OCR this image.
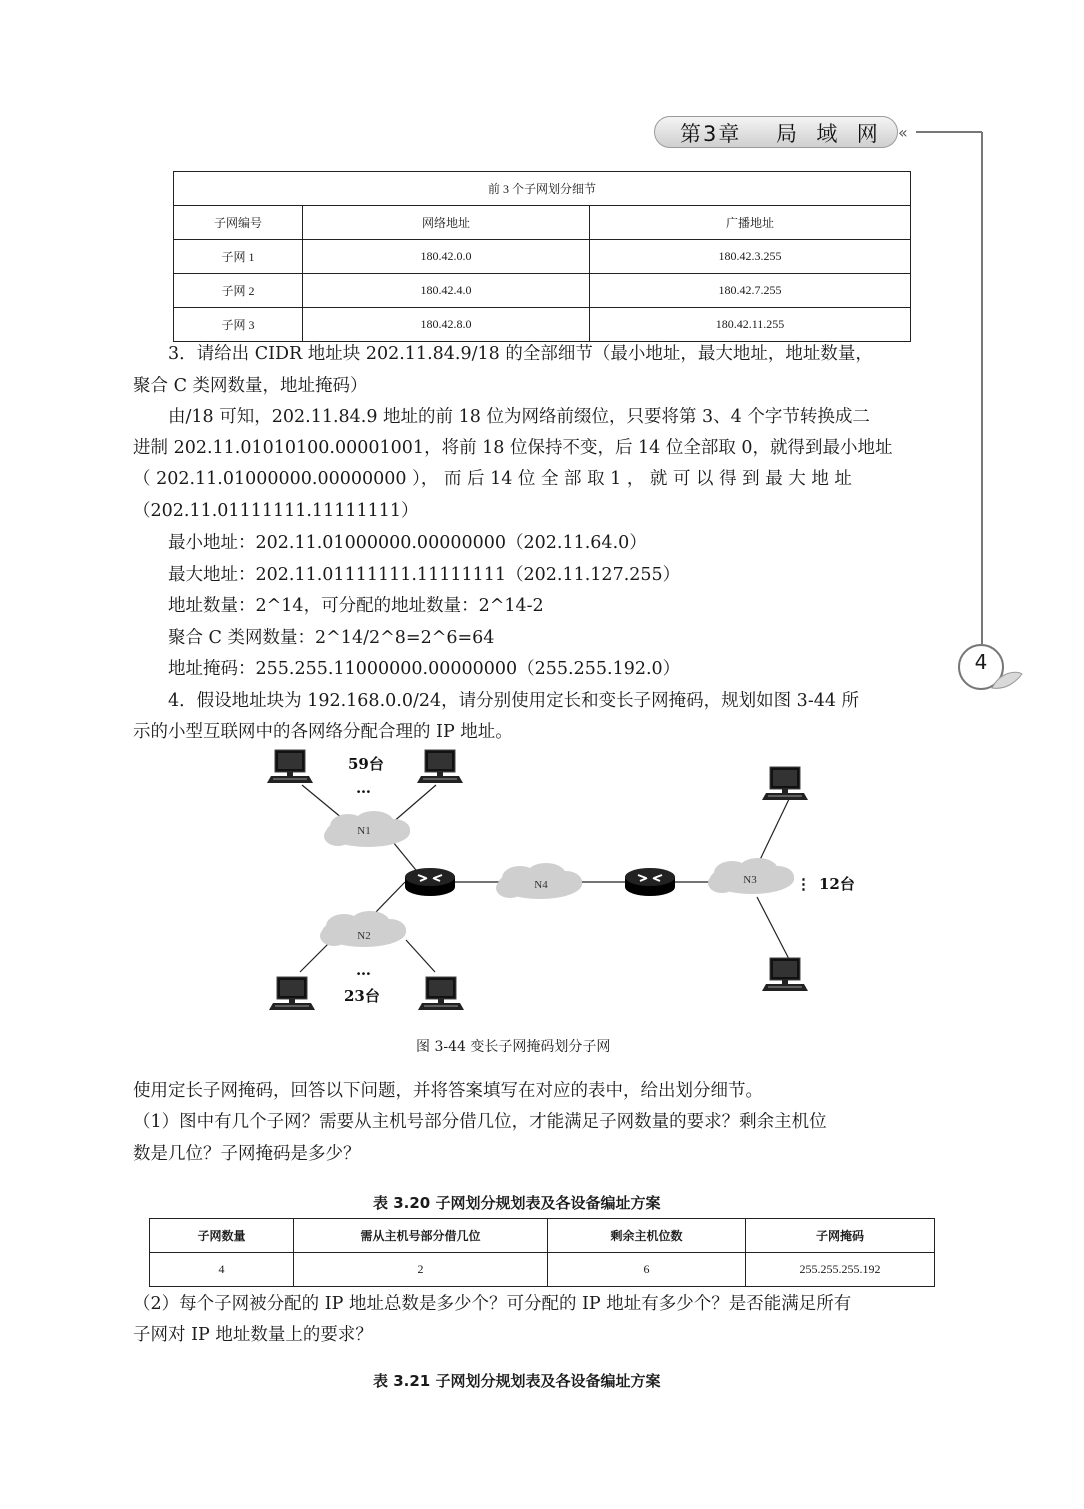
第3章    局  域  网 «
4
前 3 个子网划分细节		
子网编号	网络地址	广播地址
子网 1	180.42.0.0	180.42.3.255
子网 2	180.42.4.0	180.42.7.255
子网 3	180.42.8.0	180.42.11.255
　　3．请给出 CIDR 地址块 202.11.84.9/18 的全部细节（最小地址，最大地址，地址数量，
聚合 C 类网数量，地址掩码）
　　由/18 可知，202.11.84.9 地址的前 18 位为网络前缀位，只要将第 3、4 个字节转换成二
进制 202.11.01010100.00001001，将前 18 位保持不变，后 14 位全部取 0，就得到最小地址
（ 202.11.01000000.00000000 ）， 而 后 14 位 全 部 取 1 ， 就 可 以 得 到 最 大 地 址
（202.11.01111111.11111111）
　　最小地址：202.11.01000000.00000000（202.11.64.0）
　　最大地址：202.11.01111111.11111111（202.11.127.255）
　　地址数量：2^14，可分配的地址数量：2^14-2
　　聚合 C 类网数量：2^14/2^8=2^6=64
　　地址掩码：255.255.11000000.00000000（255.255.192.0）
　　4．假设地址块为 192.168.0.0/24，请分别使用定长和变长子网掩码，规划如图 3-44 所
示的小型互联网中的各网络分配合理的 IP 地址。
N1
N2
N4	N3
59台
…
…
23台
⋮ 12台
图 3-44 变长子网掩码划分子网
使用定长子网掩码，回答以下问题，并将答案填写在对应的表中，给出划分细节。
（1）图中有几个子网？需要从主机号部分借几位，才能满足子网数量的要求？剩余主机位
数是几位？子网掩码是多少？
表 3.20 子网划分规划表及各设备编址方案
子网数量	需从主机号部分借几位	剩余主机位数	子网掩码
4	2	6	255.255.255.192
（2）每个子网被分配的 IP 地址总数是多少个？可分配的 IP 地址有多少个？是否能满足所有
子网对 IP 地址数量上的要求？
表 3.21 子网划分规划表及各设备编址方案
